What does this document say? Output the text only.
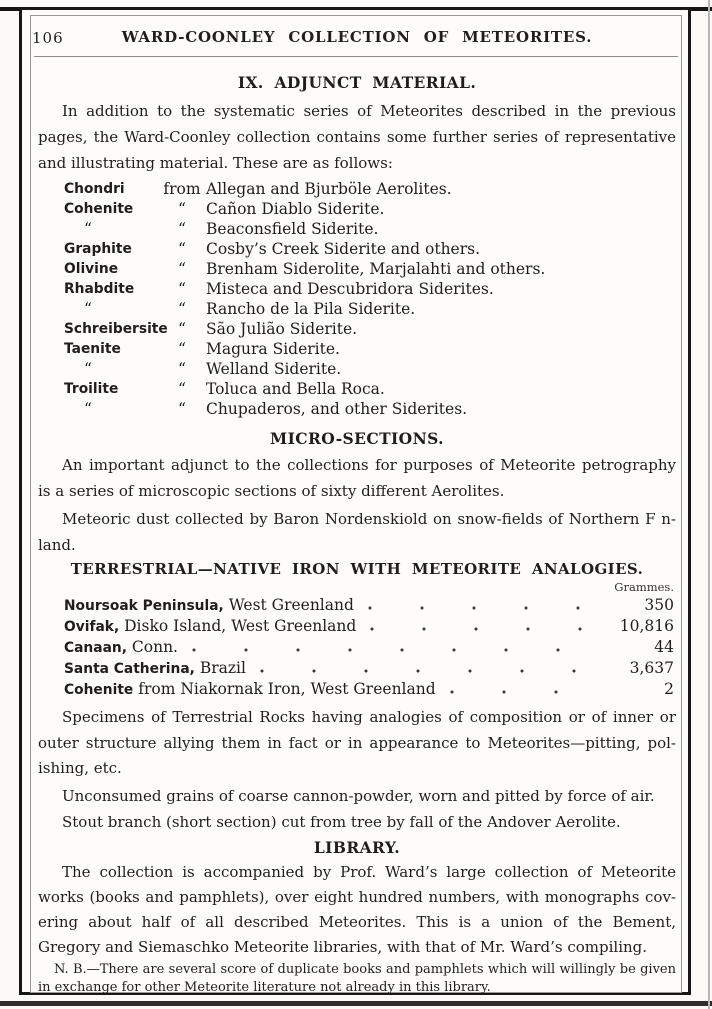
106	WARD-COONLEY COLLECTION OF METEORITES.
IX. ADJUNCT MATERIAL.
In addition to the systematic series of Meteorites described in the previous
pages, the Ward-Coonley collection contains some further series of representative
and illustrating material. These are as follows:
Chondri	from Allegan and Bjurböle Aerolites.
Cohenite	“	Cañon Diablo Siderite.
“	“	Beaconsfield Siderite.
Graphite	“	Cosby’s Creek Siderite and others.
Olivine	“	Brenham Siderolite, Marjalahti and others.
Rhabdite	“	Misteca and Descubridora Siderites.
“	“	Rancho de la Pila Siderite.
Schreibersite “	São Julião Siderite.
Taenite	“	Magura Siderite.
“	“	Welland Siderite.
Troilite	“	Toluca and Bella Roca.
“	“	Chupaderos, and other Siderites.
MICRO-SECTIONS.
An important adjunct to the collections for purposes of Meteorite petrography
is a series of microscopic sections of sixty different Aerolites.
Meteoric dust collected by Baron Nordenskiold on snow-fields of Northern F n-
land.
TERRESTRIAL—NATIVE IRON WITH METEORITE ANALOGIES.
Grammes.
Noursoak Peninsula, West Greenland	350
Ovifak, Disko Island, West Greenland	10,816
Canaan, Conn.	44
Santa Catherina, Brazil	3,637
Cohenite from Niakornak Iron, West Greenland	2
Specimens of Terrestrial Rocks having analogies of composition or of inner or
outer structure allying them in fact or in appearance to Meteorites—pitting, pol-
ishing, etc.
Unconsumed grains of coarse cannon-powder, worn and pitted by force of air.
Stout branch (short section) cut from tree by fall of the Andover Aerolite.
LIBRARY.
The collection is accompanied by Prof. Ward’s large collection of Meteorite
works (books and pamphlets), over eight hundred numbers, with monographs cov-
ering about half of all described Meteorites. This is a union of the Bement,
Gregory and Siemaschko Meteorite libraries, with that of Mr. Ward’s compiling.
N. B.—There are several score of duplicate books and pamphlets which will willingly be given
in exchange for other Meteorite literature not already in this library.
